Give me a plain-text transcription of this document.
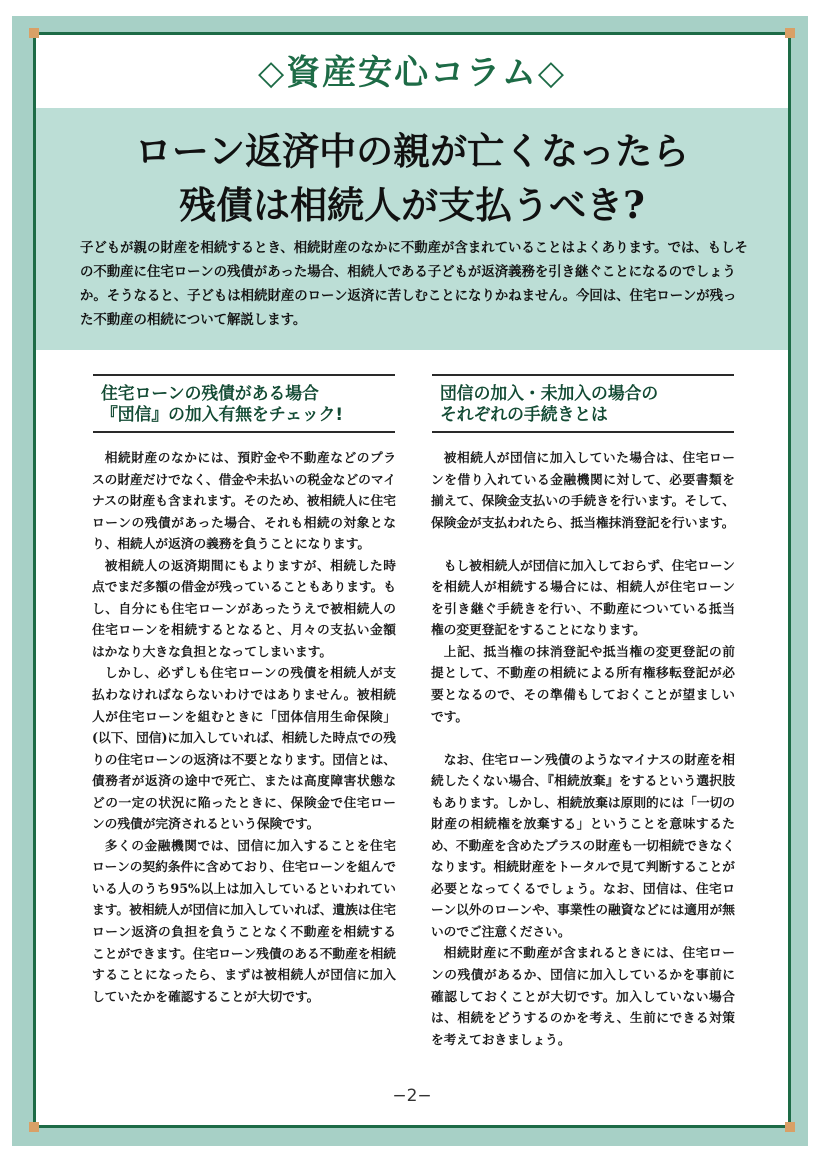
◇資産安心コラム◇
ローン返済中の親が亡くなったら
残債は相続人が支払うべき?

子どもが親の財産を相続するとき、相続財産のなかに不動産が含まれていることはよくあります。では、もしその不動産に住宅ローンの残債があった場合、相続人である子どもが返済義務を引き継ぐことになるのでしょうか。そうなると、子どもは相続財産のローン返済に苦しむことになりかねません。今回は、住宅ローンが残った不動産の相続について解説します。

住宅ローンの残債がある場合
『団信』の加入有無をチェック!
団信の加入・未加入の場合の
それぞれの手続きとは

相続財産のなかには、預貯金や不動産などのプラスの財産だけでなく、借金や未払いの税金などのマイナスの財産も含まれます。そのため、被相続人に住宅ローンの残債があった場合、それも相続の対象となり、相続人が返済の義務を負うことになります。

被相続人の返済期間にもよりますが、相続した時点でまだ多額の借金が残っていることもあります。もし、自分にも住宅ローンがあったうえで被相続人の住宅ローンを相続するとなると、月々の支払い金額はかなり大きな負担となってしまいます。

しかし、必ずしも住宅ローンの残債を相続人が支払わなければならないわけではありません。被相続人が住宅ローンを組むときに「団体信用生命保険」(以下、団信)に加入していれば、相続した時点での残りの住宅ローンの返済は不要となります。団信とは、債務者が返済の途中で死亡、または高度障害状態などの一定の状況に陥ったときに、保険金で住宅ローンの残債が完済されるという保険です。

多くの金融機関では、団信に加入することを住宅ローンの契約条件に含めており、住宅ローンを組んでいる人のうち95%以上は加入しているといわれています。被相続人が団信に加入していれば、遺族は住宅ローン返済の負担を負うことなく不動産を相続することができます。住宅ローン残債のある不動産を相続することになったら、まずは被相続人が団信に加入していたかを確認することが大切です。

被相続人が団信に加入していた場合は、住宅ローンを借り入れている金融機関に対して、必要書類を揃えて、保険金支払いの手続きを行います。そして、保険金が支払われたら、抵当権抹消登記を行います。

もし被相続人が団信に加入しておらず、住宅ローンを相続人が相続する場合には、相続人が住宅ローンを引き継ぐ手続きを行い、不動産についている抵当権の変更登記をすることになります。

上記、抵当権の抹消登記や抵当権の変更登記の前提として、不動産の相続による所有権移転登記が必要となるので、その準備もしておくことが望ましいです。

なお、住宅ローン残債のようなマイナスの財産を相続したくない場合、『相続放棄』をするという選択肢もあります。しかし、相続放棄は原則的には「一切の財産の相続権を放棄する」ということを意味するため、不動産を含めたプラスの財産も一切相続できなくなります。相続財産をトータルで見て判断することが必要となってくるでしょう。なお、団信は、住宅ローン以外のローンや、事業性の融資などには適用が無いのでご注意ください。

相続財産に不動産が含まれるときには、住宅ローンの残債があるか、団信に加入しているかを事前に確認しておくことが大切です。加入していない場合は、相続をどうするのかを考え、生前にできる対策を考えておきましょう。

−2−
